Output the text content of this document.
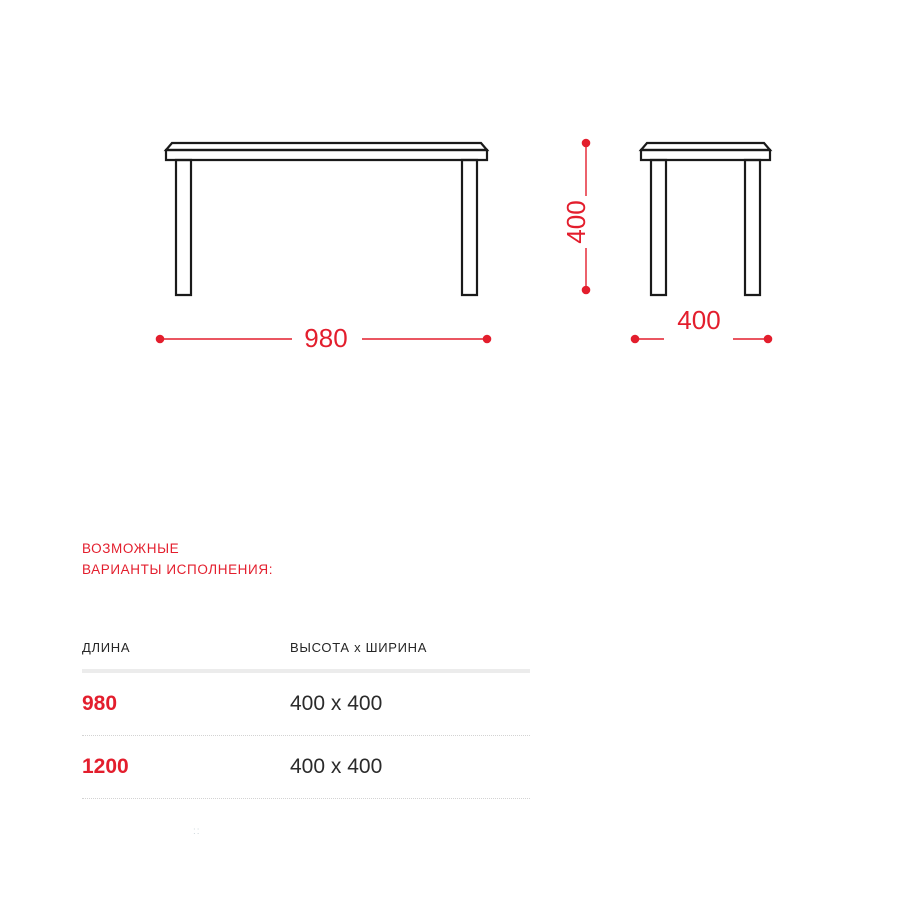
400
980
400
ВОЗМОЖНЫЕ
ВАРИАНТЫ ИСПОЛНЕНИЯ:
ДЛИНА	ВЫСОТА х ШИРИНА
980	400 х 400
1200	400 х 400
::
